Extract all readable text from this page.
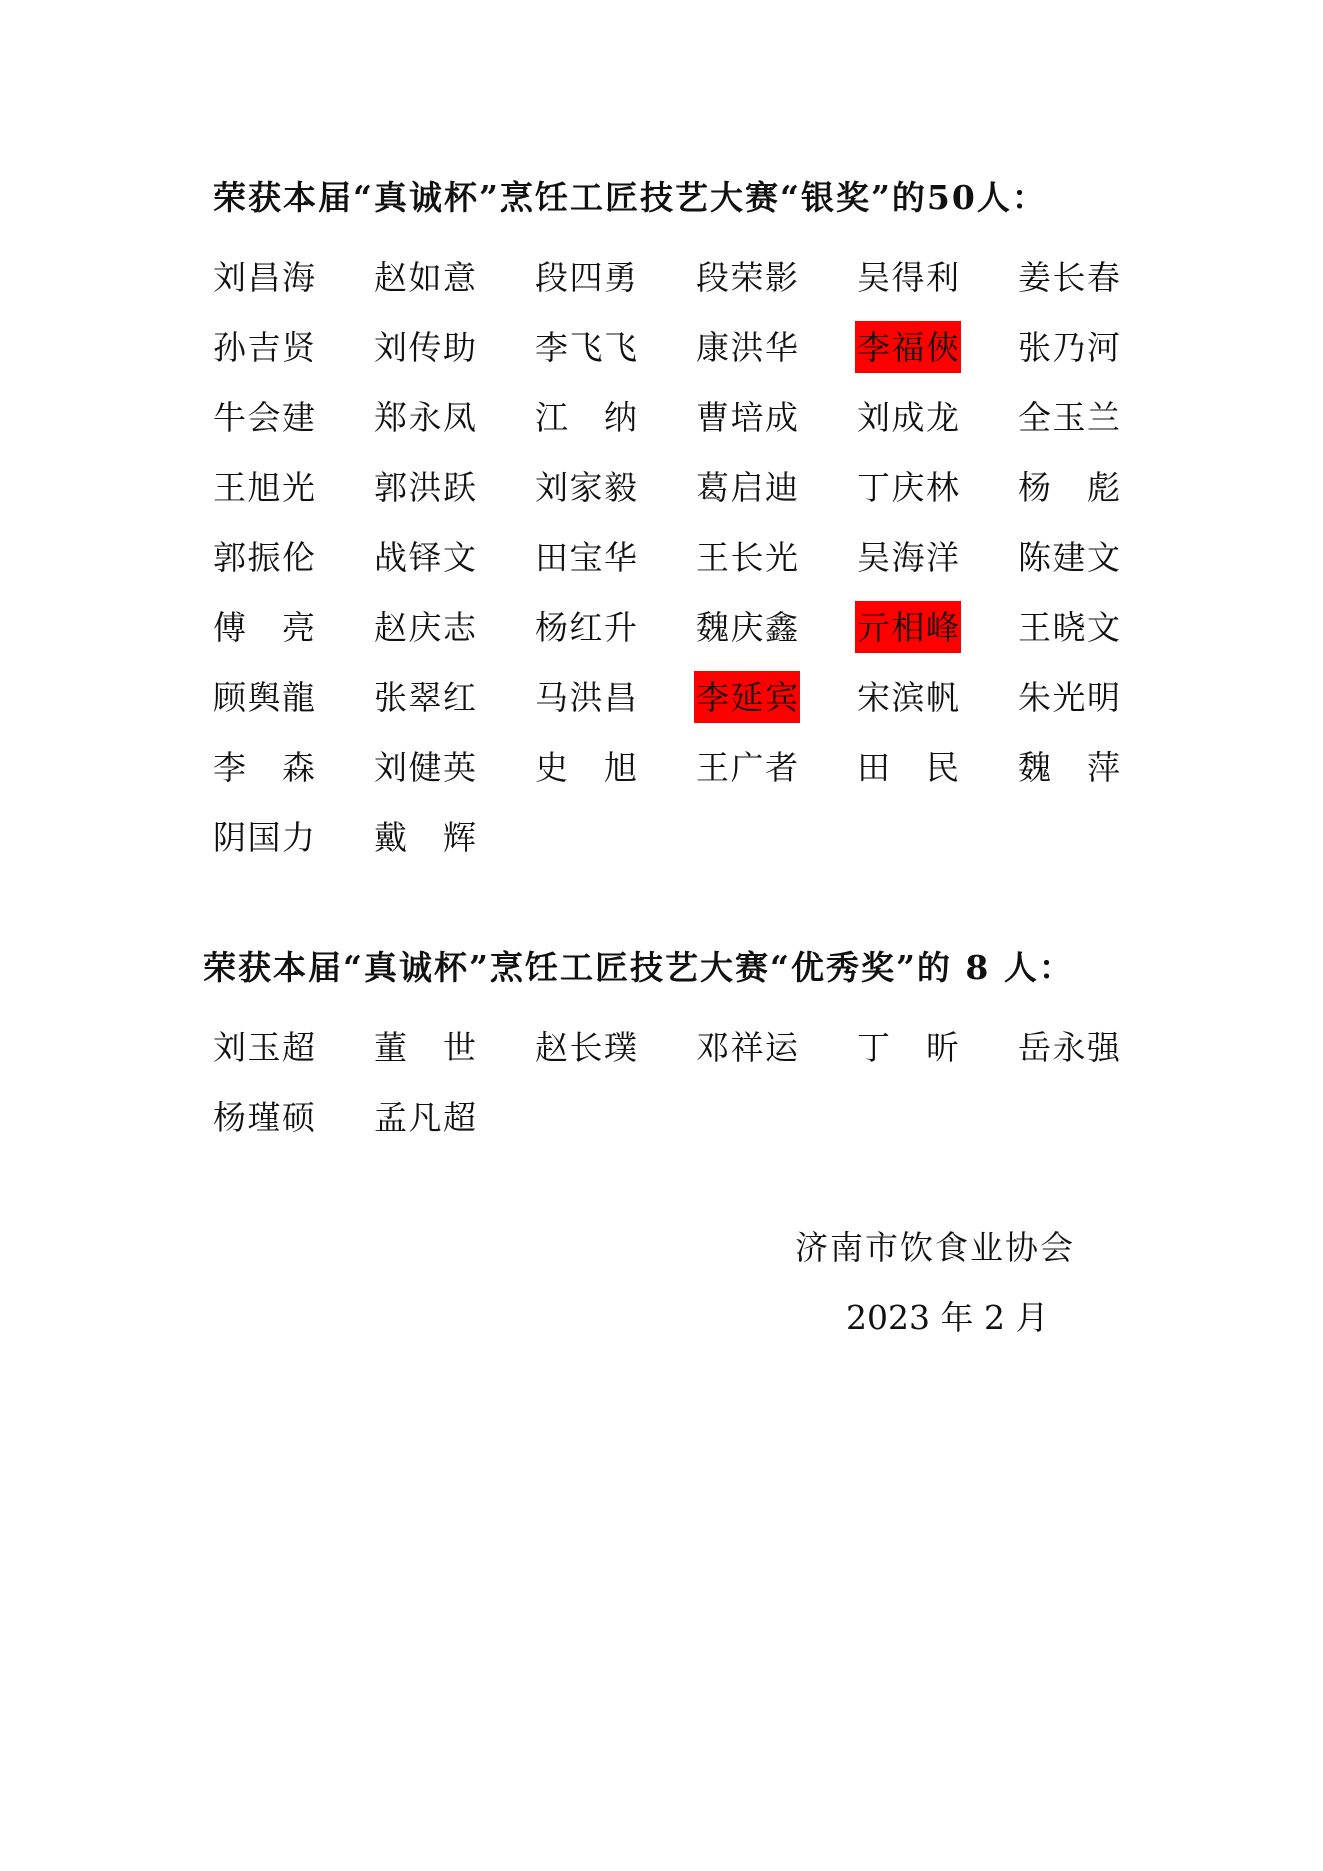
荣获本届“真诚杯”烹饪工匠技艺大赛“银奖”的50人：
刘 昌 海 赵 如 意 段 四 勇 段 荣 影 吴 得 利 姜 长 春
孙 吉 贤 刘 传 助 李 飞 飞 康 洪 华 李 福 俠 张 乃 河
牛 会 建 郑 永 凤 江 纳 曹 培 成 刘 成 龙 全 玉 兰
王 旭 光 郭 洪 跃 刘 家 毅 葛 启 迪 丁 庆 林 杨 彪
郭 振 伦 战 铎 文 田 宝 华 王 长 光 吴 海 洋 陈 建 文
傅 亮 赵 庆 志 杨 红 升 魏 庆 鑫 亓 相 峰 王 晓 文
顾 舆 龍 张 翠 红 马 洪 昌 李 延 宾 宋 滨 帆 朱 光 明
李 森 刘 健 英 史 旭 王 广 者 田 民 魏 萍
阴 国 力 戴 辉
荣获本届“真诚杯”烹饪工匠技艺大赛“优秀奖”的 8 人：
刘 玉 超 董 世 赵 长 璞 邓 祥 运 丁 昕 岳 永 强
杨 瑾 硕 孟 凡 超
济南市饮食业协会
2023 年 2 月
